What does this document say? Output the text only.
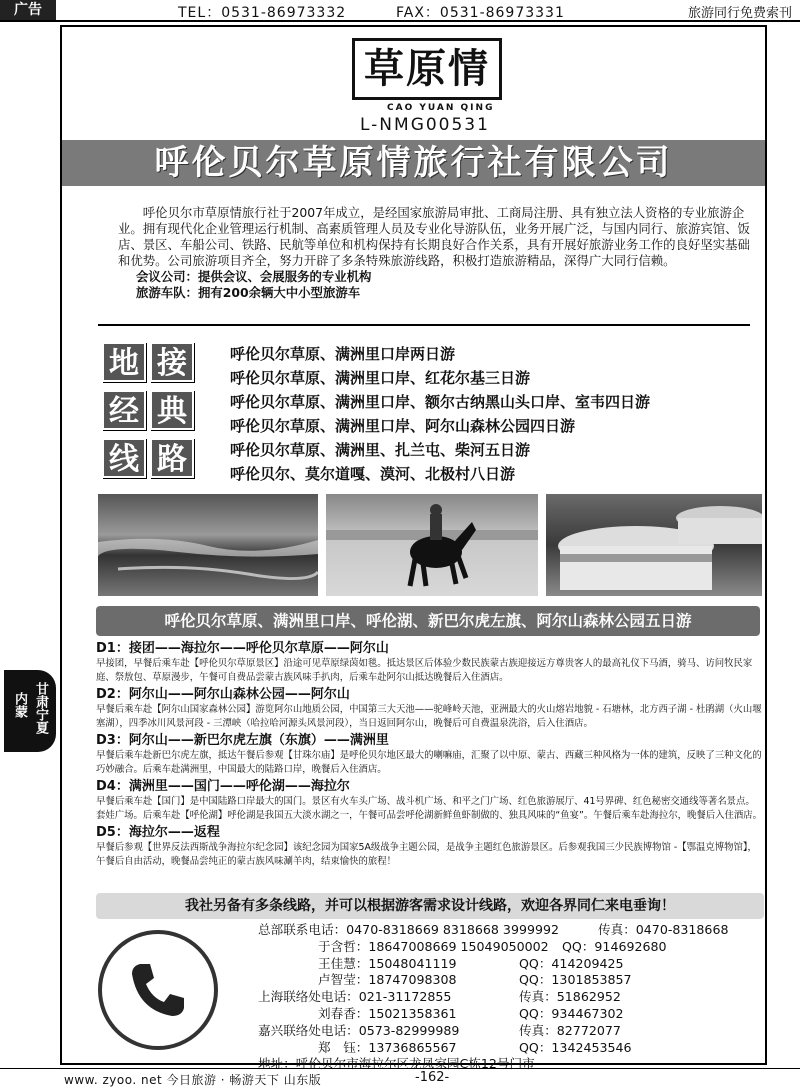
广告	TEL：0531-86973332	FAX：0531-86973331	旅游同行免费索刊
草原情
CAO YUAN QING
L-NMG00531
呼伦贝尔草原情旅行社有限公司

呼伦贝尔市草原情旅行社于2007年成立，是经国家旅游局审批、工商局注册、具有独立法人资格的专业旅游企业。拥有现代化企业管理运行机制、高素质管理人员及专业化导游队伍，业务开展广泛，与国内同行、旅游宾馆、饭店、景区、车船公司、铁路、民航等单位和机构保持有长期良好合作关系，具有开展好旅游业务工作的良好坚实基础和优势。公司旅游项目齐全，努力开辟了多条特殊旅游线路，积极打造旅游精品，深得广大同行信赖。

会议公司：提供会议、会展服务的专业机构

旅游车队：拥有200余辆大中小型旅游车

地 接
经 典
线 路
呼伦贝尔草原、满洲里口岸两日游
呼伦贝尔草原、满洲里口岸、红花尔基三日游
呼伦贝尔草原、满洲里口岸、额尔古纳黑山头口岸、室韦四日游
呼伦贝尔草原、满洲里口岸、阿尔山森林公园四日游
呼伦贝尔草原、满洲里、扎兰屯、柴河五日游
呼伦贝尔、莫尔道嘎、漠河、北极村八日游
呼伦贝尔草原、满洲里口岸、呼伦湖、新巴尔虎左旗、阿尔山森林公园五日游
D1：接团——海拉尔——呼伦贝尔草原——阿尔山
早接团，早餐后乘车赴【呼伦贝尔草原景区】沿途可见草原绿茵如毯。抵达景区后体验少数民族蒙古族迎接远方尊贵客人的最高礼仪下马酒，骑马、访问牧民家庭、祭敖包、草原漫步，午餐可自费品尝蒙古族风味手扒肉，后乘车赴阿尔山抵达晚餐后入住酒店。
D2：阿尔山——阿尔山森林公园——阿尔山
早餐后乘车赴【阿尔山国家森林公园】游览阿尔山地质公园，中国第三大天池——驼峰岭天池，亚洲最大的火山熔岩地貌 - 石塘林，北方西子湖 - 杜鹃湖（火山堰塞湖），四季冰川风景河段 - 三潭峡（哈拉哈河源头风景河段），当日返回阿尔山，晚餐后可自费温泉洗浴，后入住酒店。
D3：阿尔山——新巴尔虎左旗（东旗）——满洲里
早餐后乘车赴新巴尔虎左旗，抵达午餐后参观【甘珠尔庙】是呼伦贝尔地区最大的喇嘛庙，汇聚了以中原、蒙古、西藏三种风格为一体的建筑，反映了三种文化的巧妙融合。后乘车赴满洲里，中国最大的陆路口岸，晚餐后入住酒店。
D4：满洲里——国门——呼伦湖——海拉尔
早餐后乘车赴【国门】是中国陆路口岸最大的国门。景区有火车头广场、战斗机广场、和平之门广场、红色旅游展厅、41号界碑、红色秘密交通线等著名景点。套娃广场。后乘车赴【呼伦湖】呼伦湖是我国五大淡水湖之一，午餐可品尝呼伦湖新鲜鱼虾制做的、独具风味的“鱼宴”。午餐后乘车赴海拉尔，晚餐后入住酒店。
D5：海拉尔——返程
早餐后参观【世界反法西斯战争海拉尔纪念园】该纪念园为国家5A级战争主题公园，是战争主题红色旅游景区。后参观我国三少民族博物馆 -【鄂温克博物馆】，午餐后自由活动，晚餐品尝纯正的蒙古族风味涮羊肉，结束愉快的旅程！
我社另备有多条线路，并可以根据游客需求设计线路，欢迎各界同仁来电垂询！
内蒙 甘肃宁夏
总部联系电话：0470-8318669 8318668 3999992	传真：0470-8318668
于含哲：18647008669 15049050002 QQ：914692680
王佳慧：15048041119	QQ：414209425
卢智莹：18747098308	QQ：1301853857
上海联络处电话：021-31172855	传真：51862952
刘春香：15021358361	QQ：934467302
嘉兴联络处电话：0573-82999989	传真：82772077
郑　钰：13736865567	QQ：1342453546
地址：呼伦贝尔市海拉尔区龙凤家园C栋12号门市
www. zyoo. net 今日旅游 · 畅游天下 山东版	-162-
